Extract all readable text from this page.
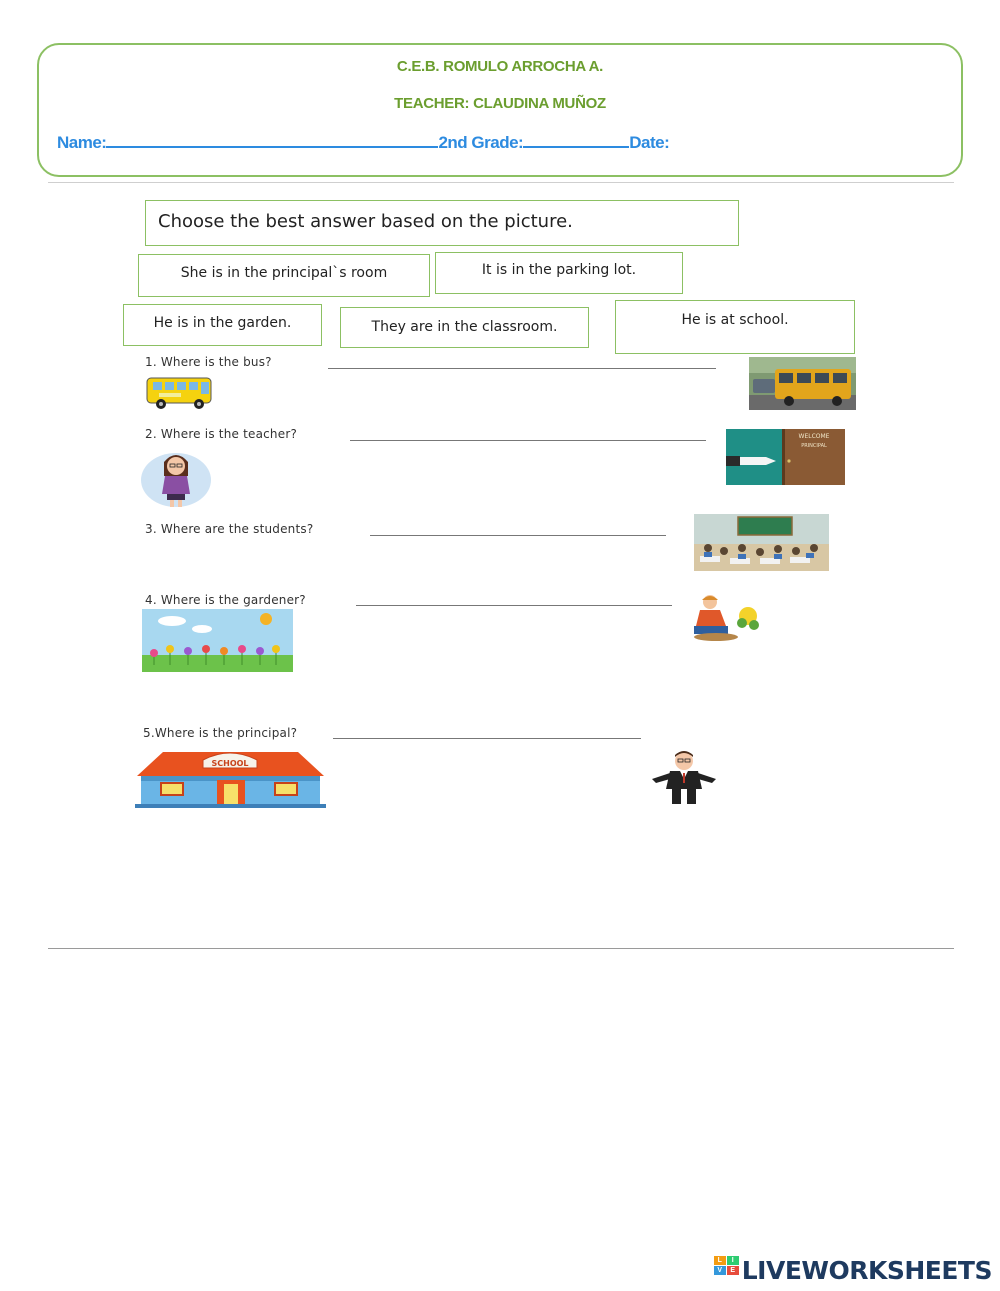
C.E.B. ROMULO ARROCHA A.
TEACHER: CLAUDINA MUÑOZ
Name:	2nd Grade:	Date:
Choose the best answer based on the picture.
She is in the principal`s room	It is in the parking lot.
He is in the garden.	They are in the classroom.	He is at school.
1. Where is the bus?
2. Where is the teacher?	WELCOME
PRINCIPAL
3. Where are the students?
4. Where is the gardener?
5.Where is the principal?
SCHOOL
L	I
V	E LIVEWORKSHEETS
